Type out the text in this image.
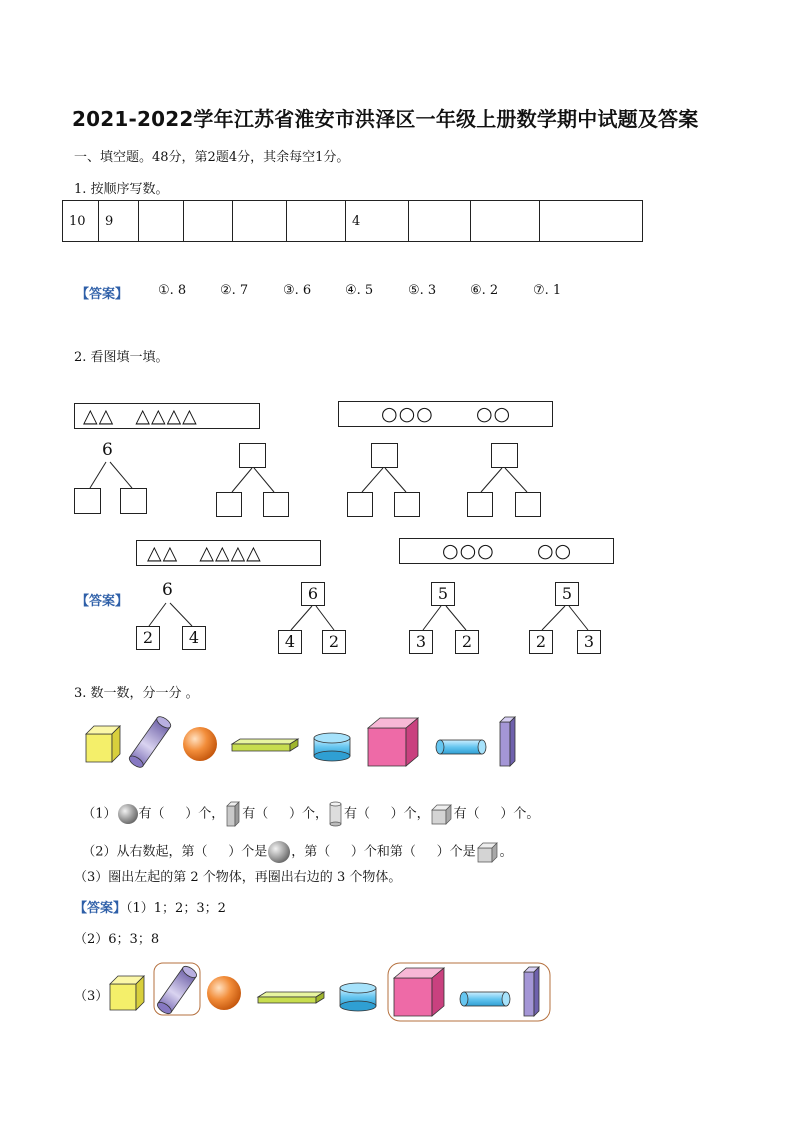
2021-2022学年江苏省淮安市洪泽区一年级上册数学期中试题及答案
一、填空题。48分，第2题4分，其余每空1分。
1. 按顺序写数。
10	9					4			
【答案】 ①. 8	②. 7	③. 6	④. 5	⑤. 3	⑥. 2	⑦. 1
2. 看图填一填。
△△   △△△△	○○○      ○○
6
△△   △△△△	○○○      ○○
【答案】
6
2	4
6
4	2
5
3	2
5
2	3
3. 数一数，分一分 。

（1） 有（ ）个， 有（ ）个， 有（ ）个， 有（ ）个。

（2）从右数起，第（ ）个是 ，第（ ）个和第（ ）个是 。

（3）圈出左起的第 2 个物体，再圈出右边的 3 个物体。
【答案】（1）1；2；3；2
（2）6；3；8
（3）
